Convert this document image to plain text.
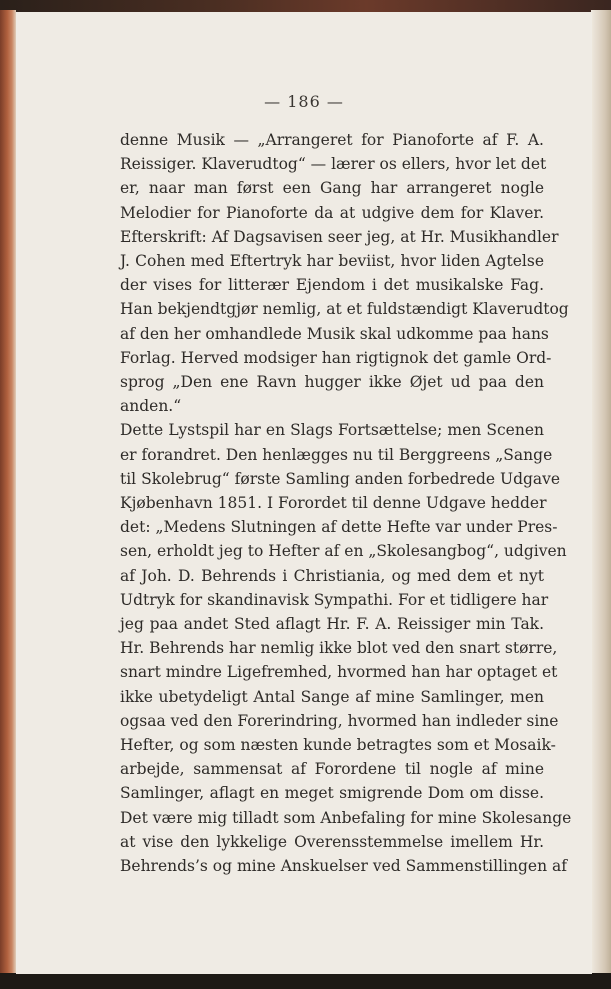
— 186 —
denne Musik — „Arrangeret for Pianoforte af F. A.
Reissiger. Klaverudtog“ — lærer os ellers, hvor let det
er, naar man først een Gang har arrangeret nogle
Melodier for Pianoforte da at udgive dem for Klaver.
Efterskrift: Af Dagsavisen seer jeg, at Hr. Musikhandler
J. Cohen med Eftertryk har beviist, hvor liden Agtelse
der vises for litterær Ejendom i det musikalske Fag.
Han bekjendtgjør nemlig, at et fuldstændigt Klaverudtog
af den her omhandlede Musik skal udkomme paa hans
Forlag. Herved modsiger han rigtignok det gamle Ord-
sprog „Den ene Ravn hugger ikke Øjet ud paa den
anden.“
Dette Lystspil har en Slags Fortsættelse; men Scenen
er forandret. Den henlægges nu til Berggreens „Sange
til Skolebrug“ første Samling anden forbedrede Udgave
Kjøbenhavn 1851. I Forordet til denne Udgave hedder
det: „Medens Slutningen af dette Hefte var under Pres-
sen, erholdt jeg to Hefter af en „Skolesangbog“, udgiven
af Joh. D. Behrends i Christiania, og med dem et nyt
Udtryk for skandinavisk Sympathi. For et tidligere har
jeg paa andet Sted aflagt Hr. F. A. Reissiger min Tak.
Hr. Behrends har nemlig ikke blot ved den snart større,
snart mindre Ligefremhed, hvormed han har optaget et
ikke ubetydeligt Antal Sange af mine Samlinger, men
ogsaa ved den Forerindring, hvormed han indleder sine
Hefter, og som næsten kunde betragtes som et Mosaik-
arbejde, sammensat af Forordene til nogle af mine
Samlinger, aflagt en meget smigrende Dom om disse.
Det være mig tilladt som Anbefaling for mine Skolesange
at vise den lykkelige Overensstemmelse imellem Hr.
Behrends’s og mine Anskuelser ved Sammenstillingen af
